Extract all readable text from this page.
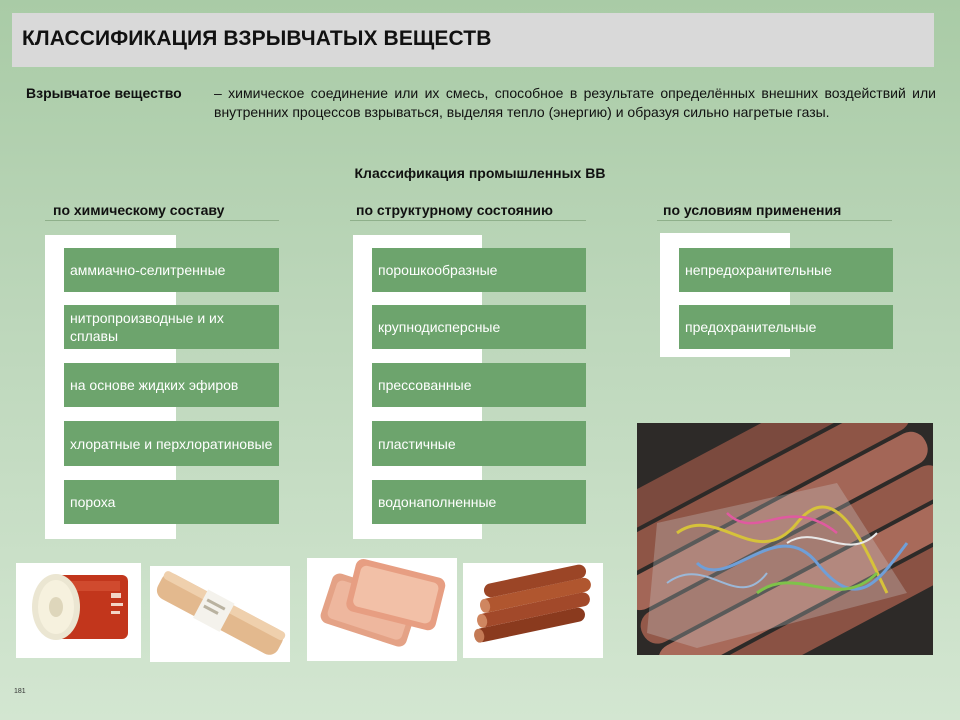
КЛАССИФИКАЦИЯ ВЗРЫВЧАТЫХ ВЕЩЕСТВ
Взрывчатое вещество – химическое соединение или их смесь, способное в результате определённых внешних воздействий или внутренних процессов взрываться, выделяя тепло (энергию) и образуя сильно нагретые газы.
Классификация промышленных ВВ
по химическому составу
аммиачно-селитренные
нитропроизводные и их сплавы
на основе жидких эфиров
хлоратные и перхлоратиновые
пороха
по структурному состоянию
порошкообразные
крупнодисперсные
прессованные
пластичные
водонаполненные
по условиям применения
непредохранительные
предохранительные
181
